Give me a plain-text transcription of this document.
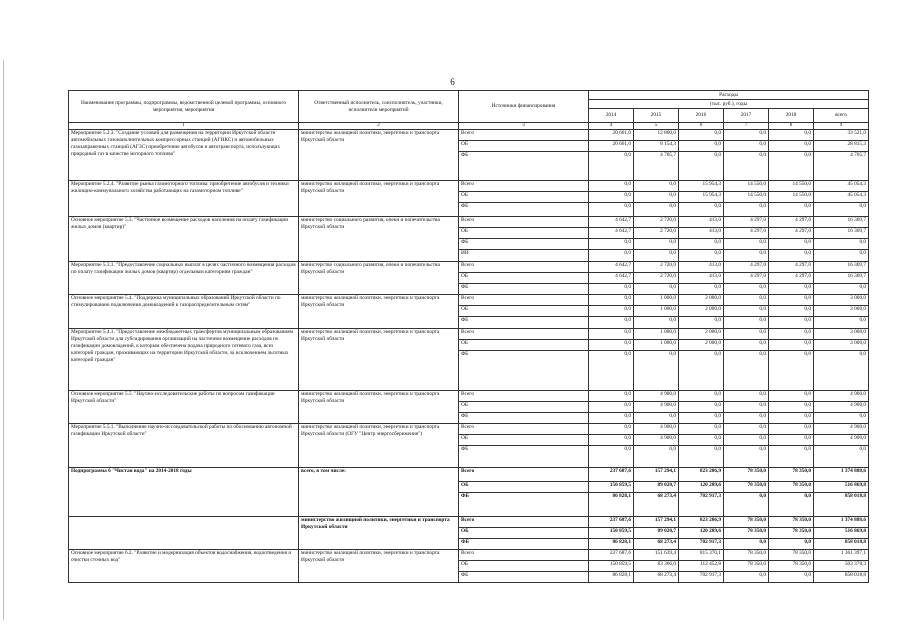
6
Наименование программы, подпрограммы, ведомственной целевой программы, основного мероприятия, мероприятия	Ответственный исполнитель, соисполнитель, участники, исполнители мероприятий	Источники финансирования	Расходы					
			(тыс. руб.), годы					
			2014	2015	2016	2017	2018	всего
1	2	3	4	5	6	7	8	9
Мероприятие 5.2.3. "Создание условий для размещения на территории Иркутской области автомобильных газонаполнительных компрессорных станций (АГНКС) и автомобильных газозаправочных станций (АГЗС) приобретение автобусов и автотранспорта, использующих природный газ в качестве моторного топлива"	министерство жилищной политики, энергетики и транспорта Иркутской области	Всего	20 661,0	12 860,0	0,0	0,0	0,0	33 521,0
		ОБ	20 661,0	8 154,3	0,0	0,0	0,0	28 815,3
		ФБ	0,0	4 705,7	0,0	0,0	0,0	4 705,7
Мероприятие 5.2.4. "Развитие рынка газомоторного топлива: приобретение автобусов и техники жилищно-коммунального хозяйства работающих на газомоторном топливе"	министерство жилищной политики, энергетики и транспорта Иркутской области	Всего	0,0	0,0	15 954,3	14 550,0	14 550,0	45 054,3
		ОБ	0,0	0,0	15 954,3	14 550,0	14 550,0	45 054,3
		ФБ	0,0	0,0	0,0	0,0	0,0	0,0
Основное мероприятие 5.3. "Частичное возмещение расходов населения на оплату газификации жилых домов (квартир)"	министерство социального развития, опеки и попечительства Иркутской области	Всего	4 642,7	2 720,0	413,0	4 297,0	4 297,0	16 369,7
		ОБ	4 642,7	2 720,0	413,0	4 297,0	4 297,0	16 369,7
		ФБ	0,0	0,0	0,0	0,0	0,0	0,0
		ИИ	0,0	0,0	0,0	0,0	0,0	0,0
Мероприятие 5.3.1. "Предоставление социальных выплат в целях частичного возмещения расходов по оплату газификации жилых домов (квартир) отдельным категориям граждан"	министерство социального развития, опеки и попечительства Иркутской области	Всего	4 642,7	2 720,0	413,0	4 297,0	4 297,0	16 369,7
		ОБ	4 642,7	2 720,0	413,0	4 297,0	4 297,0	16 369,7
		ФБ	0,0	0,0	0,0	0,0	0,0	0,0
Основное мероприятие 5.4. "Поддержка муниципальных образований Иркутской области по стимулированию подключения домовладений к газораспределительным сетям"	министерство жилищной политики, энергетики и транспорта Иркутской области	Всего	0,0	1 000,0	2 000,0	0,0	0,0	3 000,0
		ОБ	0,0	1 000,0	2 000,0	0,0	0,0	3 000,0
		ФБ	0,0	0,0	0,0	0,0	0,0	0,0
Мероприятие 5.4.1. "Предоставление межбюджетных трансфертов муниципальным образованиям Иркутской области для субсидирования организаций на частичное возмещение расходов по газификации домовладений, к которым обеспечена подача природного сетевого газа, всех категорий граждан, проживающих на территории Иркутской области, за исключением льготных категорий граждан"	министерство жилищной политики, энергетики и транспорта Иркутской области	Всего	0,0	1 000,0	2 000,0	0,0	0,0	3 000,0
		ОБ	0,0	1 000,0	2 000,0	0,0	0,0	3 000,0
		ФБ	0,0	0,0	0,0	0,0	0,0	0,0
Основное мероприятие 5.5. "Научно-исследовательские работы по вопросам газификации Иркутской области"	министерство жилищной политики, энергетики и транспорта Иркутской области	Всего	0,0	4 900,0	0,0	0,0	0,0	4 900,0
		ОБ	0,0	4 900,0	0,0	0,0	0,0	4 900,0
		ФБ	0,0	0,0	0,0	0,0	0,0	0,0
Мероприятие 5.5.1. "Выполнение научно-исследовательской работы по обоснованию автономной газификации Иркутской области"	министерство жилищной политики, энергетики и транспорта Иркутской области (ОГУ "Центр энергосбережения")	Всего	0,0	4 900,0	0,0	0,0	0,0	4 900,0
		ОБ	0,0	4 900,0	0,0	0,0	0,0	4 900,0
		ФБ	0,0	0,0	0,0	0,0	0,0	0,0
Подпрограмма 6 "Чистая вода" на 2014-2018 годы	всего, в том числе:	Всего	237 687,6	157 294,1	823 206,9	78 350,0	78 350,0	1 374 888,6
		ОБ	150 859,5	89 020,7	120 289,6	78 350,0	78 350,0	516 869,8
		ФБ	86 828,1	68 273,4	702 917,3	0,0	0,0	858 018,8
	министерство жилищной политики, энергетики и транспорта Иркутской области	Всего	237 687,6	157 294,1	823 206,9	78 350,0	78 350,0	1 374 888,6
		ОБ	150 859,5	89 020,7	120 289,6	78 350,0	78 350,0	516 869,8
		ФБ	86 828,1	68 273,4	702 917,3	0,0	0,0	858 018,8
Основное мероприятие 6.2. "Развитие и модернизация объектов водоснабжения, водоотведения и очистки сточных вод"	министерство жилищной политики, энергетики и транспорта Иркутской области	Всего	237 687,6	151 639,4	815 370,1	78 350,0	78 350,0	1 361 397,1
		ОБ	150 859,5	83 366,0	112 452,8	78 350,0	78 350,0	503 378,3
		ФБ	86 828,1	68 273,4	702 917,3	0,0	0,0	858 018,8
